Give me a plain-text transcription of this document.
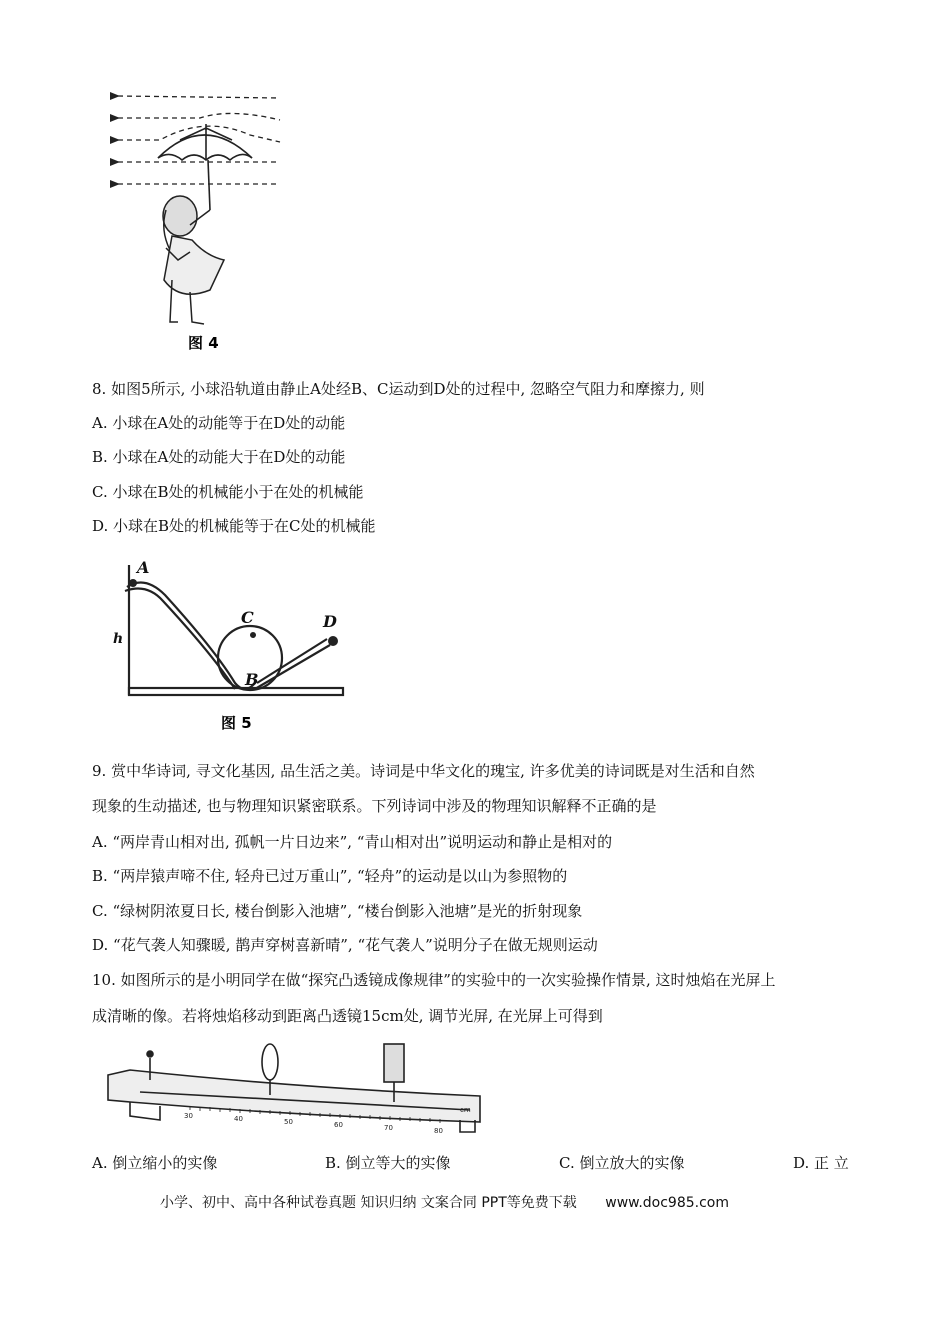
图 4
8. 如图5所示, 小球沿轨道由静止A处经B、C运动到D处的过程中, 忽略空气阻力和摩擦力, 则
A. 小球在A处的动能等于在D处的动能
B. 小球在A处的动能大于在D处的动能
C. 小球在B处的机械能小于在处的机械能
D. 小球在B处的机械能等于在C处的机械能
A
C
B
D
h
图 5
9. 赏中华诗词, 寻文化基因, 品生活之美。诗词是中华文化的瑰宝, 许多优美的诗词既是对生活和自然
现象的生动描述, 也与物理知识紧密联系。下列诗词中涉及的物理知识解释不正确的是
A. “两岸青山相对出, 孤帆一片日边来”, “青山相对出”说明运动和静止是相对的
B. “两岸猿声啼不住, 轻舟已过万重山”, “轻舟”的运动是以山为参照物的
C. “绿树阴浓夏日长, 楼台倒影入池塘”, “楼台倒影入池塘”是光的折射现象
D. “花气袭人知骤暖, 鹊声穿树喜新晴”, “花气袭人”说明分子在做无规则运动
10. 如图所示的是小明同学在做“探究凸透镜成像规律”的实验中的一次实验操作情景, 这时烛焰在光屏上
成清晰的像。若将烛焰移动到距离凸透镜15cm处, 调节光屏, 在光屏上可得到
30	40	50	60	70	80
cm
A. 倒立缩小的实像	B. 倒立等大的实像	C. 倒立放大的实像	D. 正 立
小学、初中、高中各种试卷真题 知识归纳 文案合同 PPT等免费下载 www.doc985.com
